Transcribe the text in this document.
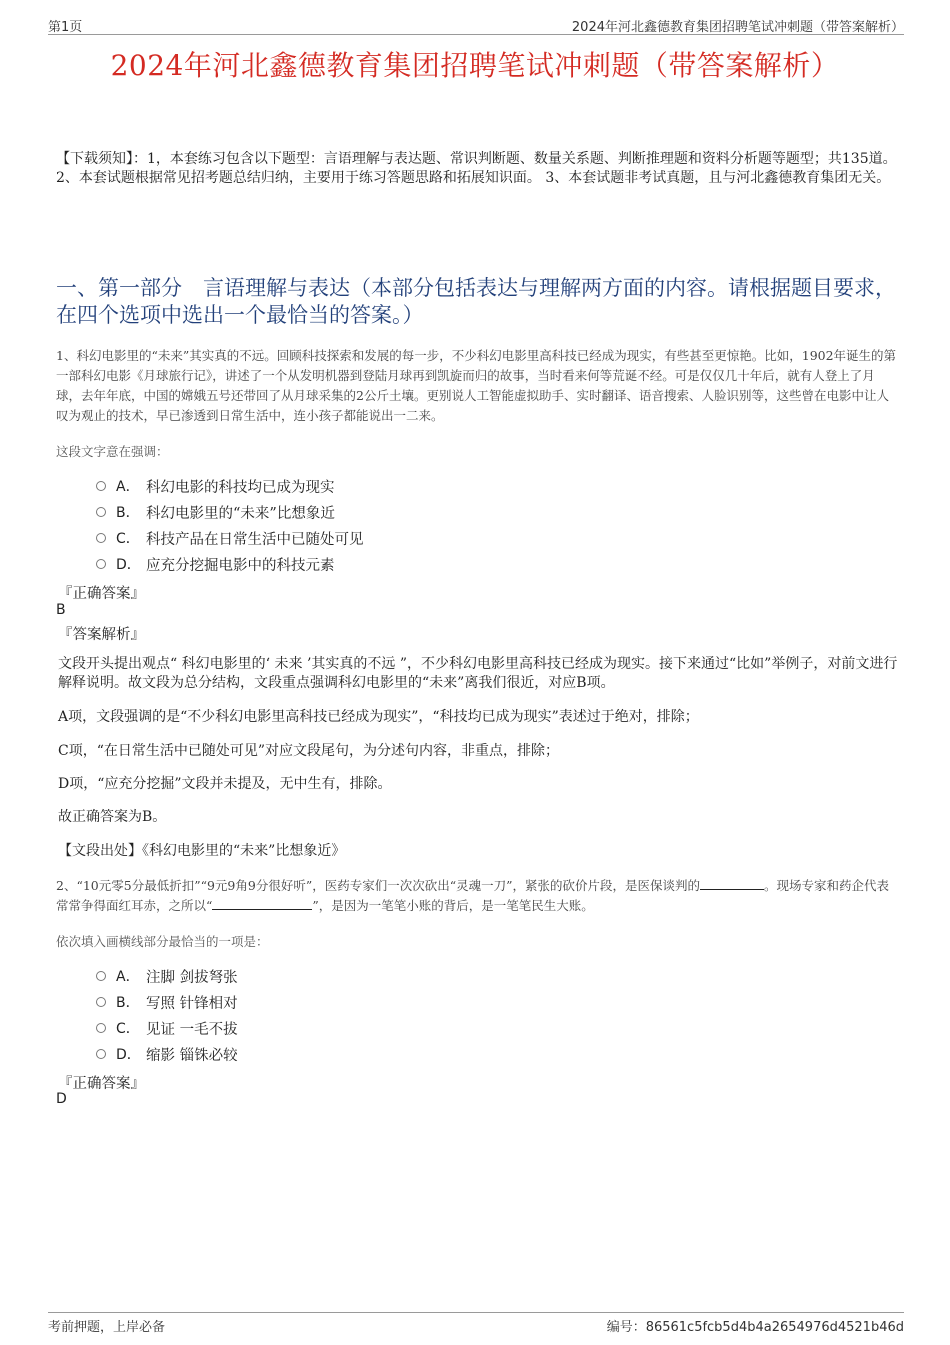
第1页	2024年河北鑫德教育集团招聘笔试冲刺题（带答案解析）
2024年河北鑫德教育集团招聘笔试冲刺题（带答案解析）
【下载须知】：1，本套练习包含以下题型：言语理解与表达题、常识判断题、数量关系题、判断推理题和资料分析题等题型；共135道。 2、本套试题根据常见招考题总结归纳，主要用于练习答题思路和拓展知识面。 3、本套试题非考试真题，且与河北鑫德教育集团无关。
一、第一部分　言语理解与表达（本部分包括表达与理解两方面的内容。请根据题目要求，在四个选项中选出一个最恰当的答案。）
1、科幻电影里的“未来”其实真的不远。回顾科技探索和发展的每一步，不少科幻电影里高科技已经成为现实，有些甚至更惊艳。比如，1902年诞生的第一部科幻电影《月球旅行记》，讲述了一个从发明机器到登陆月球再到凯旋而归的故事，当时看来何等荒诞不经。可是仅仅几十年后，就有人登上了月球，去年年底，中国的嫦娥五号还带回了从月球采集的2公斤土壤。更别说人工智能虚拟助手、实时翻译、语音搜索、人脸识别等，这些曾在电影中让人叹为观止的技术，早已渗透到日常生活中，连小孩子都能说出一二来。
这段文字意在强调：
A． 科幻电影的科技均已成为现实
B． 科幻电影里的“未来”比想象近
C． 科技产品在日常生活中已随处可见
D． 应充分挖掘电影中的科技元素
『正确答案』
B
『答案解析』
文段开头提出观点“ 科幻电影里的‘ 未来 ’其实真的不远 ”，不少科幻电影里高科技已经成为现实。接下来通过“比如”举例子，对前文进行解释说明。故文段为总分结构，文段重点强调科幻电影里的“未来”离我们很近，对应B项。
A项，文段强调的是“不少科幻电影里高科技已经成为现实”，“科技均已成为现实”表述过于绝对，排除；
C项，“在日常生活中已随处可见”对应文段尾句，为分述句内容，非重点，排除；
D项，“应充分挖掘”文段并未提及，无中生有，排除。
故正确答案为B。
【文段出处】《科幻电影里的“未来”比想象近》
2、“10元零5分最低折扣”“9元9角9分很好听”，医药专家们一次次砍出“灵魂一刀”，紧张的砍价片段，是医保谈判的	。现场专家和药企代表常常争得面红耳赤，之所以“	”，是因为一笔笔小账的背后，是一笔笔民生大账。
依次填入画横线部分最恰当的一项是：
A． 注脚 剑拔弩张
B． 写照 针锋相对
C． 见证 一毛不拔
D． 缩影 锱铢必较
『正确答案』
D
考前押题，上岸必备	编号：86561c5fcb5d4b4a2654976d4521b46d
